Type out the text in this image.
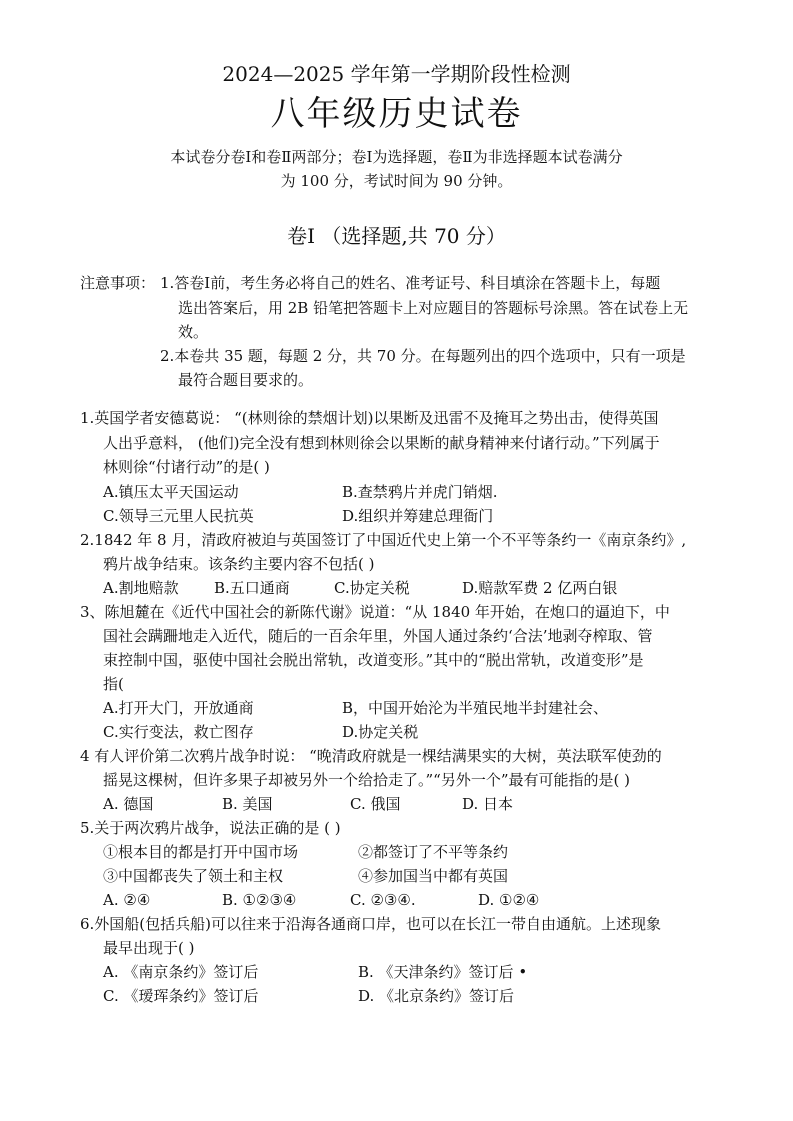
2024—2025 学年第一学期阶段性检测
八年级历史试卷
本试卷分卷Ⅰ和卷Ⅱ两部分；卷Ⅰ为选择题，卷Ⅱ为非选择题本试卷满分
为 100 分，考试时间为 90 分钟。
卷Ⅰ （选择题,共 70 分）
注意事项： 1.答卷Ⅰ前，考生务必将自己的姓名、准考证号、科目填涂在答题卡上，每题
选出答案后，用 2B 铅笔把答题卡上对应题目的答题标号涂黑。答在试卷上无
效。
2.本卷共 35 题，每题 2 分，共 70 分。在每题列出的四个选项中，只有一项是
最符合题目要求的。
1.英国学者安德葛说： “(林则徐的禁烟计划)以果断及迅雷不及掩耳之势出击，使得英国
人出乎意料， (他们)完全没有想到林则徐会以果断的献身精神来付诸行动。”下列属于
林则徐“付诸行动”的是( )
A.镇压太平天国运动	B.查禁鸦片并虎门销烟.
C.领导三元里人民抗英	D.组织并筹建总理衙门
2.1842 年 8 月，清政府被迫与英国签订了中国近代史上第一个不平等条约一《南京条约》,
鸦片战争结束。该条约主要内容不包括( )
A.割地赔款 B.五口通商	C.协定关税	D.赔款军费 2 亿两白银
3、陈旭麓在《近代中国社会的新陈代谢》说道：“从 1840 年开始，在炮口的逼迫下，中
国社会蹒跚地走入近代，随后的一百余年里，外国人通过条约‘合法’地剥夺榨取、管
束控制中国，驱使中国社会脱出常轨，改道变形。”其中的“脱出常轨，改道变形”是
指(
A.打开大门，开放通商	B，中国开始沦为半殖民地半封建社会、
C.实行变法，救亡图存	D.协定关税
4 有人评价第二次鸦片战争时说： “晚清政府就是一棵结满果实的大树，英法联军使劲的
摇晃这棵树，但许多果子却被另外一个给拾走了。”“另外一个”最有可能指的是( )
A. 德国	B. 美国	C. 俄国	D. 日本
5.关于两次鸦片战争，说法正确的是 ( )
①根本目的都是打开中国市场	②都签订了不平等条约
③中国都丧失了领土和主权	④参加国当中都有英国
A. ②④	B. ①②③④	C. ②③④.	D. ①②④
6.外国船(包括兵船)可以往来于沿海各通商口岸，也可以在长江一带自由通航。上述现象
最早出现于( )
A. 《南京条约》签订后	B. 《天津条约》签订后 •
C. 《瑷珲条约》签订后	D. 《北京条约》签订后
